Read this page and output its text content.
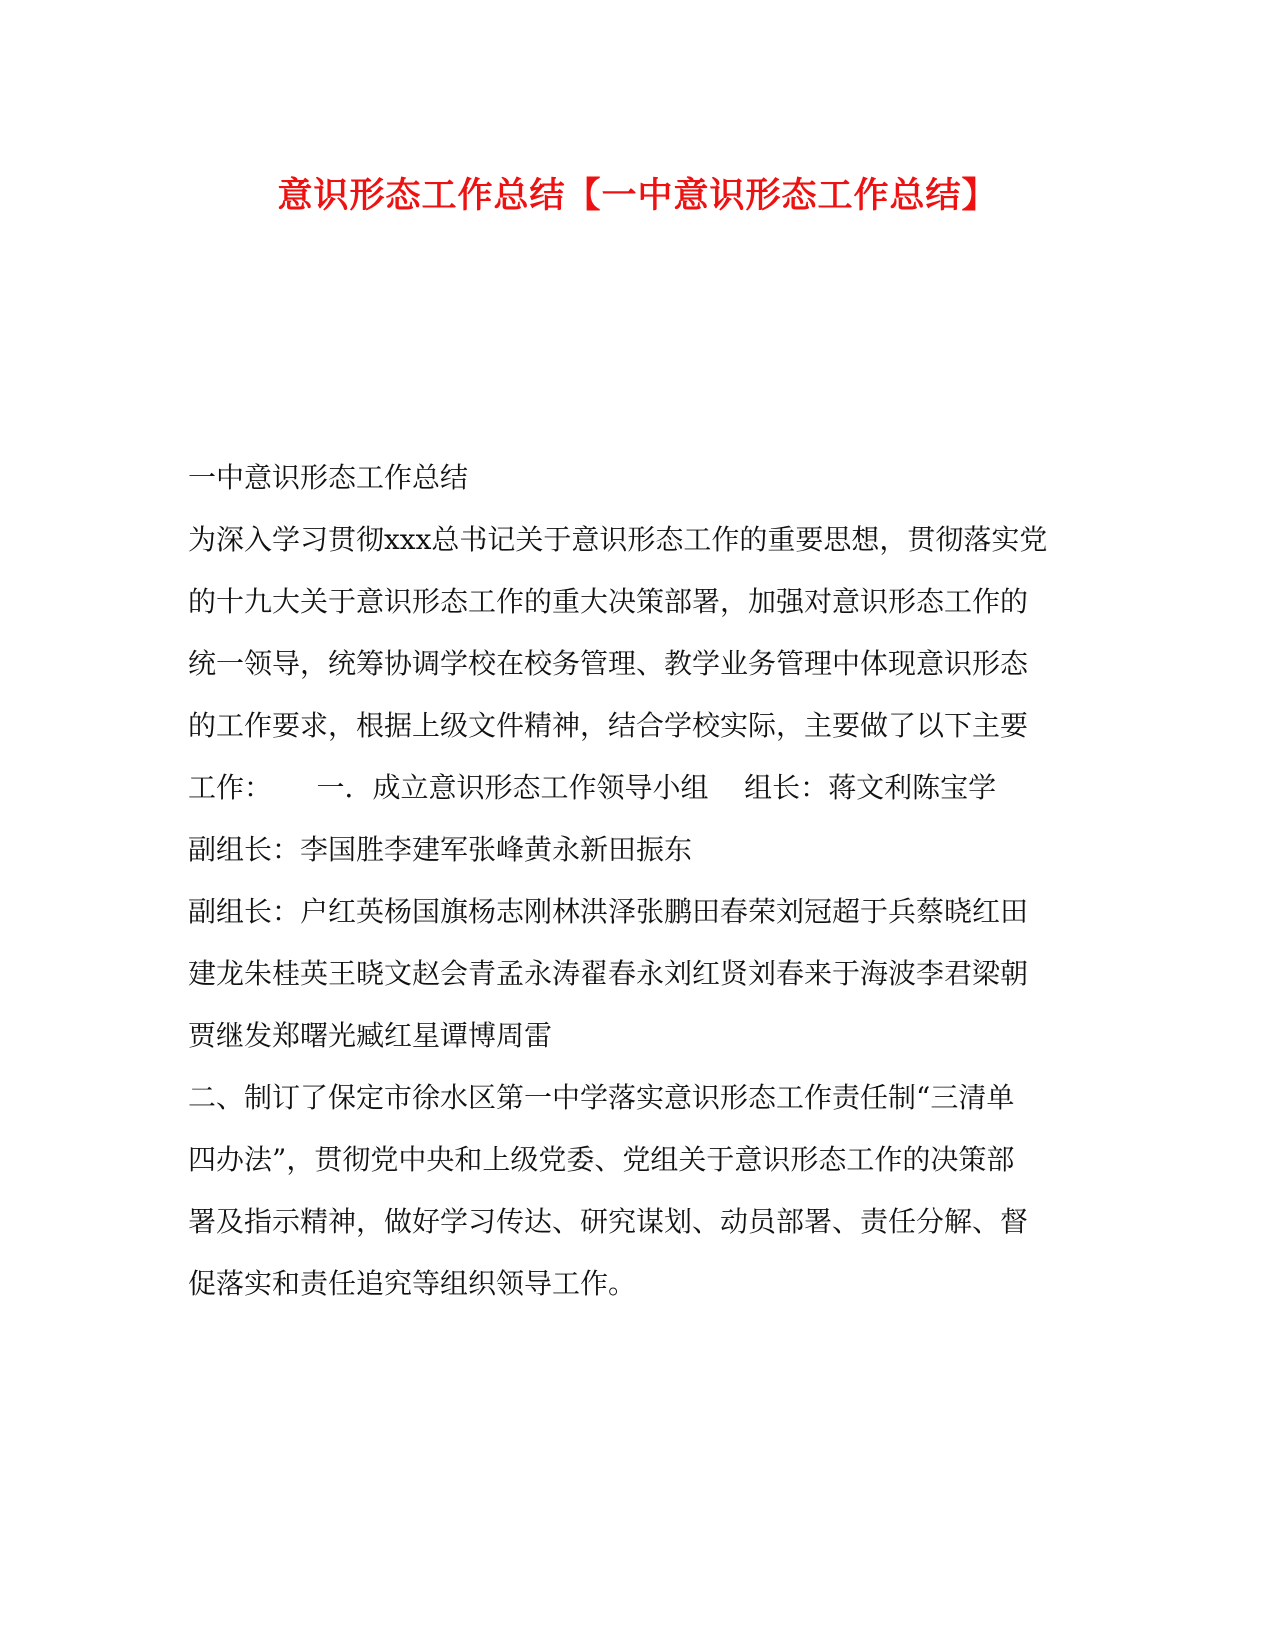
意识形态工作总结【一中意识形态工作总结】
一中意识形态工作总结
为深入学习贯彻xxx总书记关于意识形态工作的重要思想，贯彻落实党
的十九大关于意识形态工作的重大决策部署，加强对意识形态工作的
统一领导，统筹协调学校在校务管理、教学业务管理中体现意识形态
的工作要求，根据上级文件精神，结合学校实际，主要做了以下主要
工作：     一．成立意识形态工作领导小组    组长：蒋文利陈宝学
副组长：李国胜李建军张峰黄永新田振东
副组长：户红英杨国旗杨志刚林洪泽张鹏田春荣刘冠超于兵蔡晓红田
建龙朱桂英王晓文赵会青孟永涛翟春永刘红贤刘春来于海波李君梁朝
贾继发郑曙光臧红星谭博周雷
二、制订了保定市徐水区第一中学落实意识形态工作责任制“三清单
四办法”，贯彻党中央和上级党委、党组关于意识形态工作的决策部
署及指示精神，做好学习传达、研究谋划、动员部署、责任分解、督
促落实和责任追究等组织领导工作。
